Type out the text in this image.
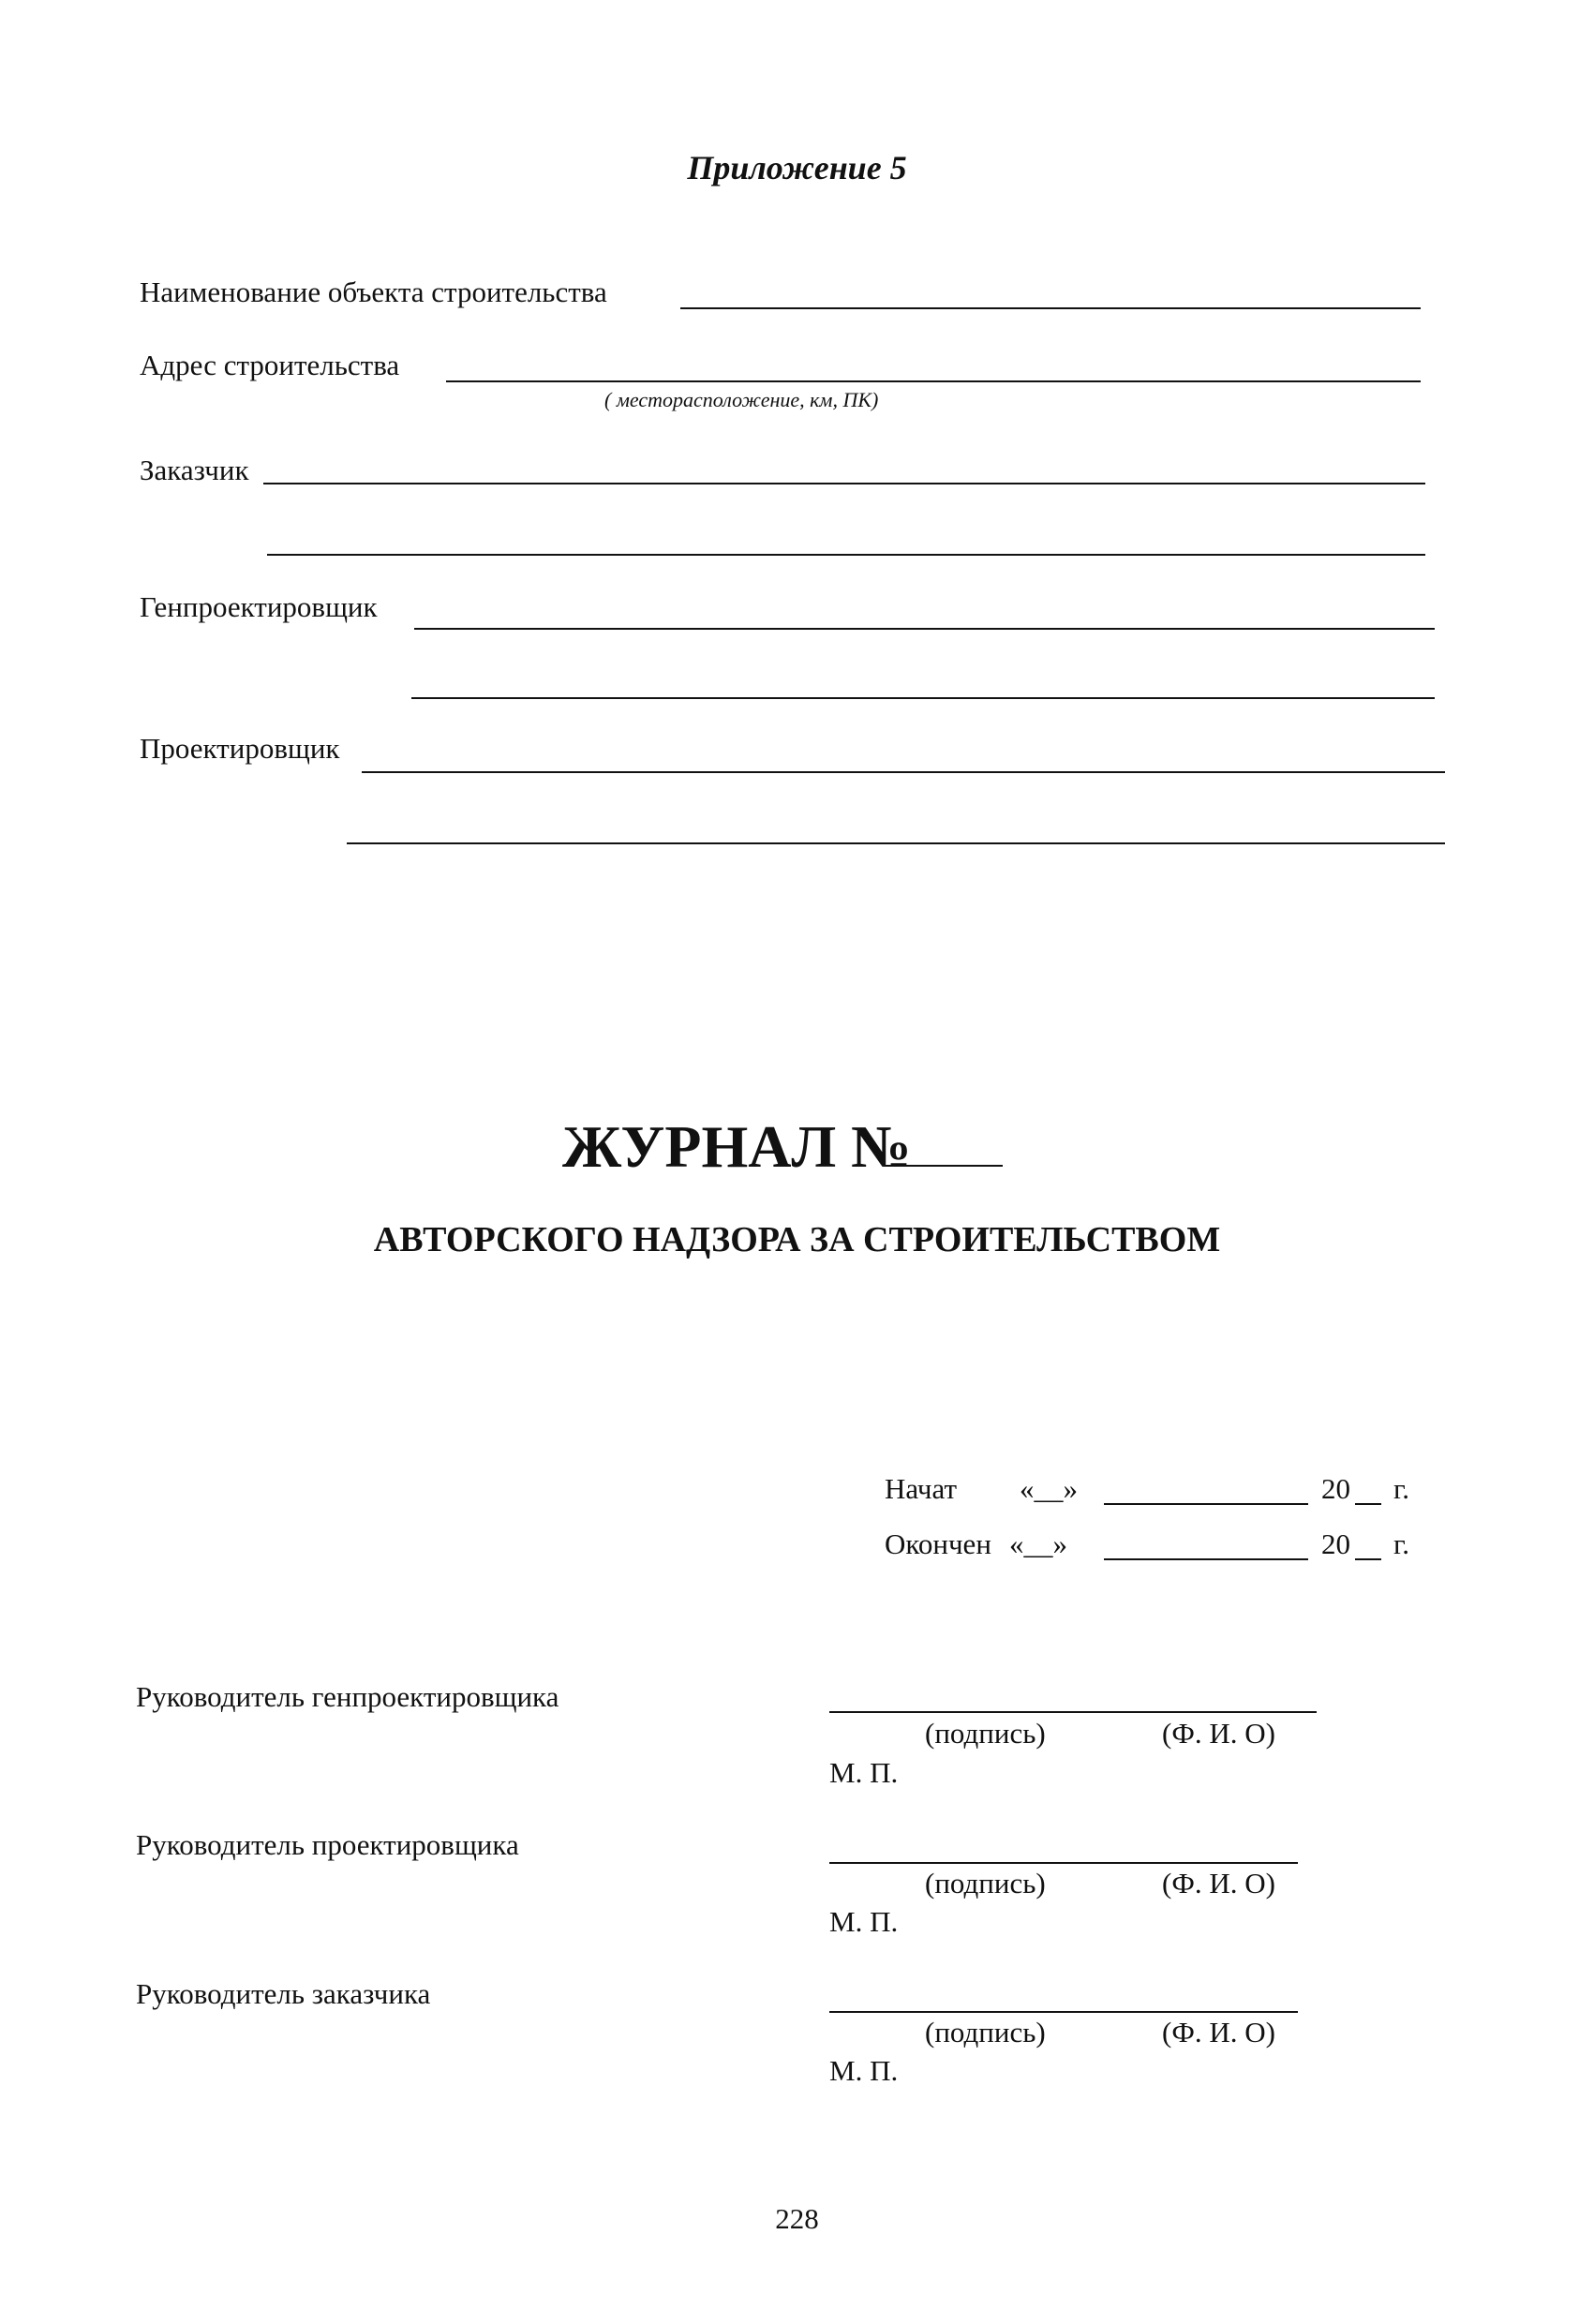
Приложение 5
Наименование объекта строительства
Адрес строительства
( месторасположение, км, ПК)
Заказчик
Генпроектировщик
Проектировщик
ЖУРНАЛ №
АВТОРСКОГО НАДЗОРА ЗА СТРОИТЕЛЬСТВОМ
Начат «__»	20 г.
Окончен «__»	20 г.
Руководитель генпроектировщика
(подпись)	(Ф. И. О)
М. П.
Руководитель проектировщика
(подпись)	(Ф. И. О)
М. П.
Руководитель заказчика
(подпись)	(Ф. И. О)
М. П.
228
